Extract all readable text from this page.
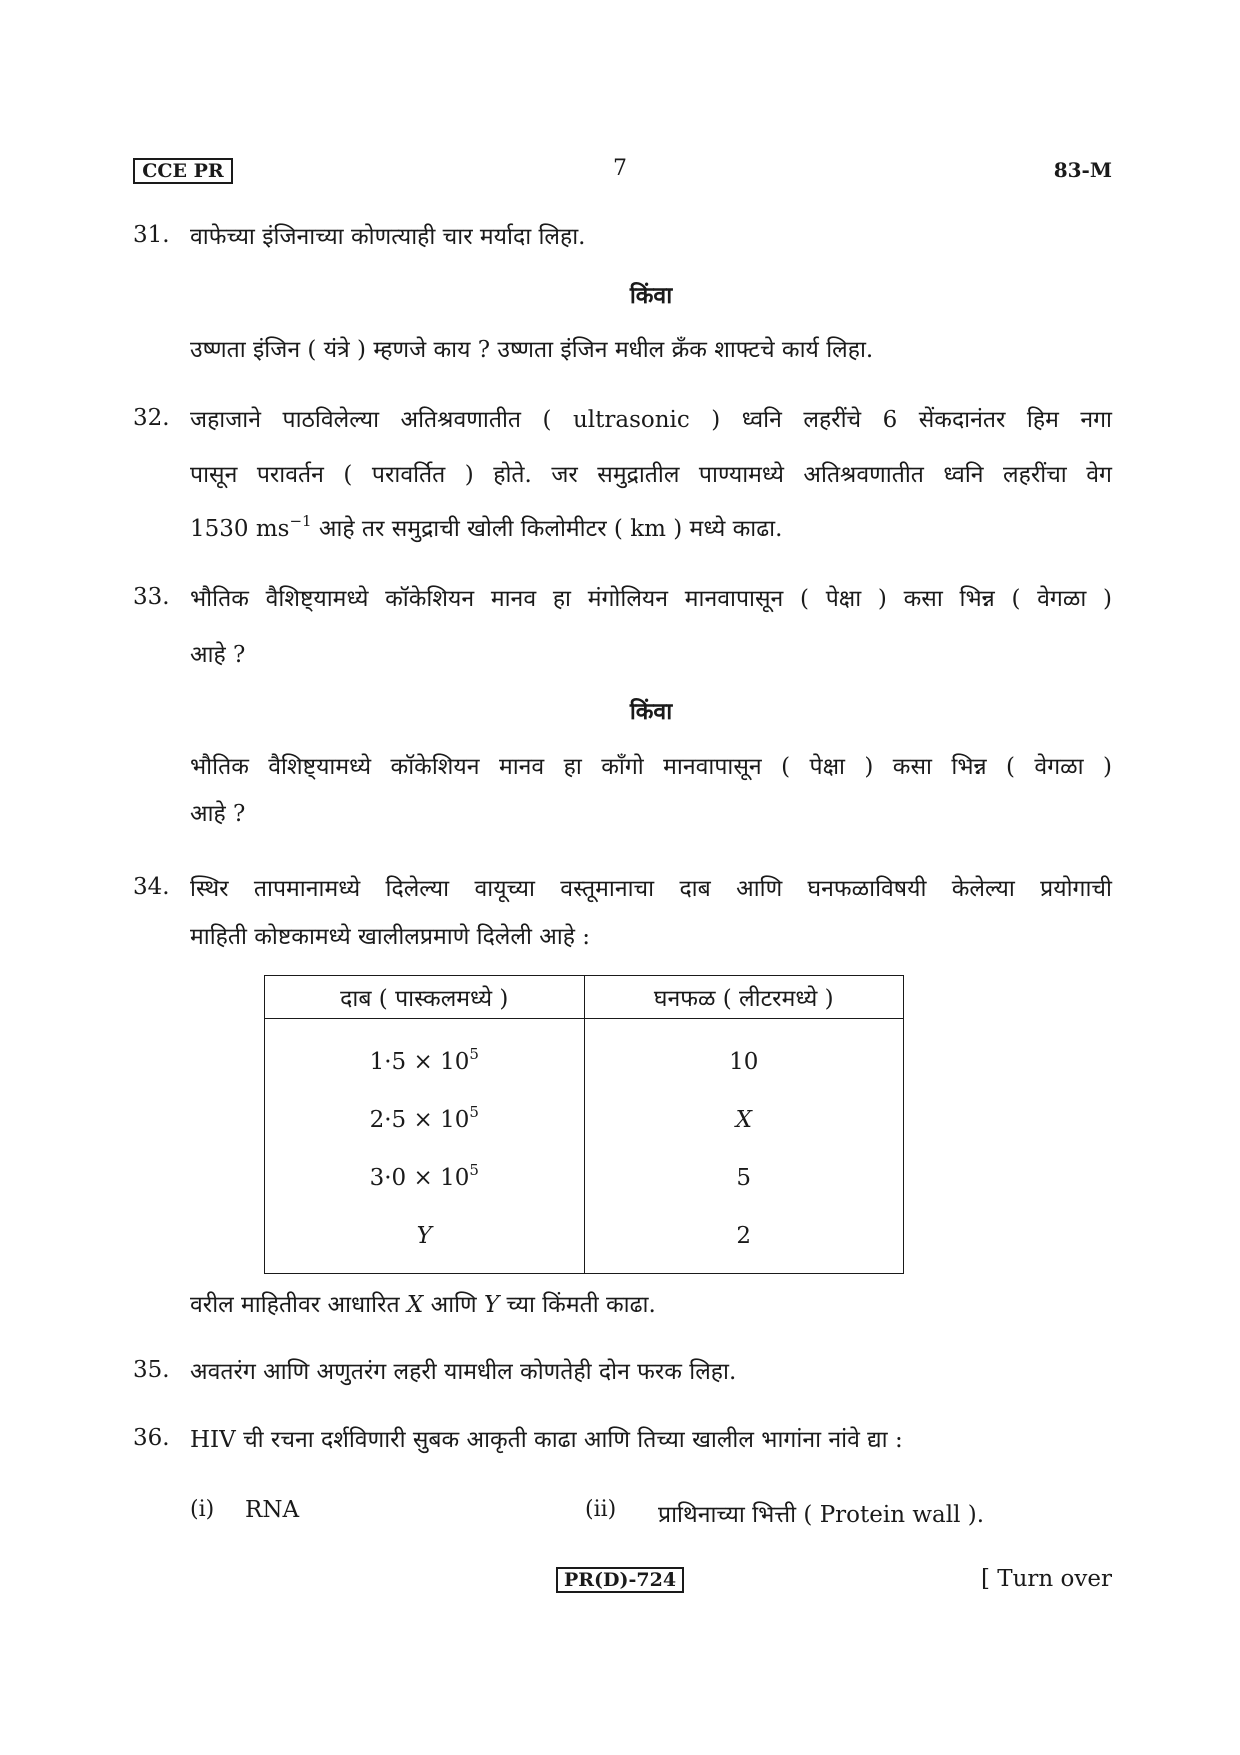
CCE PR	7	83-M
31. वाफेच्या इंजिनाच्या कोणत्याही चार मर्यादा लिहा.
किंवा
उष्णता इंजिन ( यंत्रे ) म्हणजे काय ? उष्णता इंजिन मधील क्रँक शाफ्टचे कार्य लिहा.
32. जहाजाने पाठविलेल्या अतिश्रवणातीत ( ultrasonic ) ध्वनि लहरींचे 6 सेंकदानंतर हिम नगा
पासून परावर्तन ( परावर्तित ) होते. जर समुद्रातील पाण्यामध्ये अतिश्रवणातीत ध्वनि लहरींचा वेग
1530 $ms^{-1}$ आहे तर समुद्राची खोली किलोमीटर ( km ) मध्ये काढा.
33. भौतिक वैशिष्ट्यामध्ये कॉकेशियन मानव हा मंगोलियन मानवापासून ( पेक्षा ) कसा भिन्न ( वेगळा )
आहे ?
किंवा
भौतिक वैशिष्ट्यामध्ये कॉकेशियन मानव हा काँगो मानवापासून ( पेक्षा ) कसा भिन्न ( वेगळा )
आहे ?
34. स्थिर तापमानामध्ये दिलेल्या वायूच्या वस्तूमानाचा दाब आणि घनफळाविषयी केलेल्या प्रयोगाची
माहिती कोष्टकामध्ये खालीलप्रमाणे दिलेली आहे :
दाब ( पास्कलमध्ये )	घनफळ ( लीटरमध्ये )
$1\cdot 5 \times 10^5$	10
$2\cdot 5 \times 10^5$	X
$3\cdot 0 \times 10^5$	5
Y	2
वरील माहितीवर आधारित X आणि Y च्या किंमती काढा.
35. अवतरंग आणि अणुतरंग लहरी यामधील कोणतेही दोन फरक लिहा.
36. HIV ची रचना दर्शविणारी सुबक आकृती काढा आणि तिच्या खालील भागांना नांवे द्या :
(i) RNA	(ii) प्राथिनाच्या भित्ती ( Protein wall ).
PR(D)-724	[ Turn over
